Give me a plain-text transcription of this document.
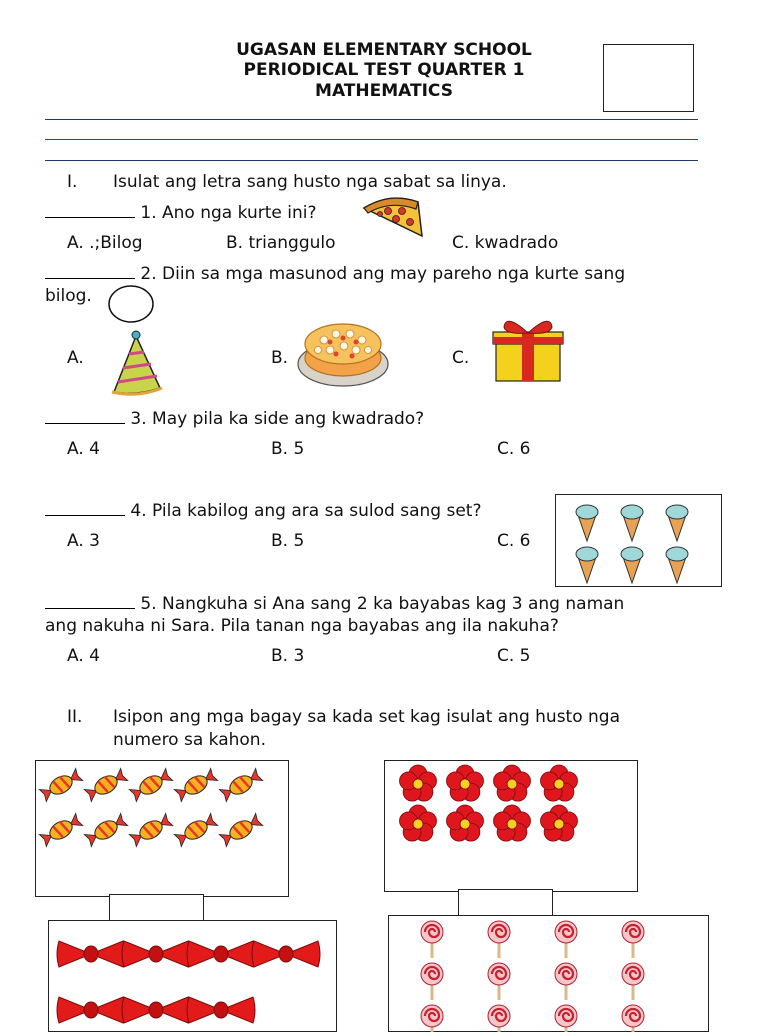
UGASAN ELEMENTARY SCHOOL
PERIODICAL TEST QUARTER 1
MATHEMATICS
I. Isulat ang letra sang husto nga sabat sa linya.
1. Ano nga kurte ini?
A. .;Bilog	B. trianggulo	C. kwadrado
2. Diin sa mga masunod ang may pareho nga kurte sang
bilog.
A.	B.	C.
3. May pila ka side ang kwadrado?
A. 4	B. 5	C. 6
4. Pila kabilog ang ara sa sulod sang set?
A. 3	B. 5	C. 6
5. Nangkuha si Ana sang 2 ka bayabas kag 3 ang naman
ang nakuha ni Sara. Pila tanan nga bayabas ang ila nakuha?
A. 4	B. 3	C. 5
II. Isipon ang mga bagay sa kada set kag isulat ang husto nga
numero sa kahon.
